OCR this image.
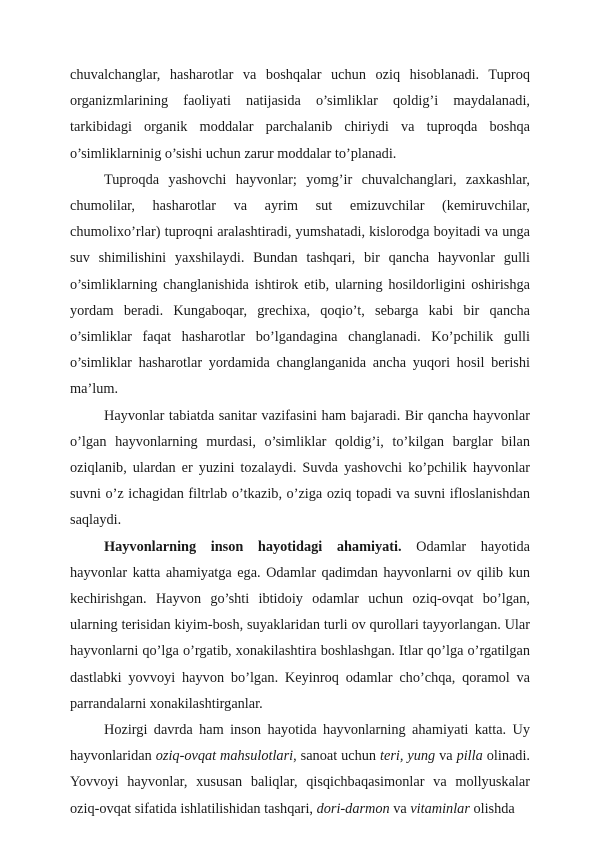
chuvalchanglar, hasharotlar va boshqalar uchun oziq hisoblanadi. Tuproq organizmlarining faoliyati natijasida o’simliklar qoldig’i maydalanadi, tarkibidagi organik moddalar parchalanib chiriydi va tuproqda boshqa o’simliklarninig o’sishi uchun zarur moddalar to’planadi.

Tuproqda yashovchi hayvonlar; yomg’ir chuvalchanglari, zaxkashlar, chumolilar, hasharotlar va ayrim sut emizuvchilar (kemiruvchilar, chumolixo’rlar) tuproqni aralashtiradi, yumshatadi, kislorodga boyitadi va unga suv shimilishini yaxshilaydi. Bundan tashqari, bir qancha hayvonlar gulli o’simliklarning changlanishida ishtirok etib, ularning hosildorligini oshirishga yordam beradi. Kungaboqar, grechixa, qoqio’t, sebarga kabi bir qancha o’simliklar faqat hasharotlar bo’lgandagina changlanadi. Ko’pchilik gulli o’simliklar hasharotlar yordamida changlanganida ancha yuqori hosil berishi ma’lum.

Hayvonlar tabiatda sanitar vazifasini ham bajaradi. Bir qancha hayvonlar o’lgan hayvonlarning murdasi, o’simliklar qoldig’i, to’kilgan barglar bilan oziqlanib, ulardan er yuzini tozalaydi. Suvda yashovchi ko’pchilik hayvonlar suvni o’z ichagidan filtrlab o’tkazib, o’ziga oziq topadi va suvni ifloslanishdan saqlaydi.

Hayvonlarning inson hayotidagi ahamiyati. Odamlar hayotida hayvonlar katta ahamiyatga ega. Odamlar qadimdan hayvonlarni ov qilib kun kechirishgan. Hayvon go’shti ibtidoiy odamlar uchun oziq-ovqat bo’lgan, ularning terisidan kiyim-bosh, suyaklaridan turli ov qurollari tayyorlangan. Ular hayvonlarni qo’lga o’rgatib, xonakilashtira boshlashgan. Itlar qo’lga o’rgatilgan dastlabki yovvoyi hayvon bo’lgan. Keyinroq odamlar cho’chqa, qoramol va parrandalarni xonakilashtirganlar.

Hozirgi davrda ham inson hayotida hayvonlarning ahamiyati katta. Uy hayvonlaridan oziq-ovqat mahsulotlari, sanoat uchun teri, yung va pilla olinadi. Yovvoyi hayvonlar, xususan baliqlar, qisqichbaqasimonlar va mollyuskalar oziq-ovqat sifatida ishlatilishidan tashqari, dori-darmon va vitaminlar olishda
